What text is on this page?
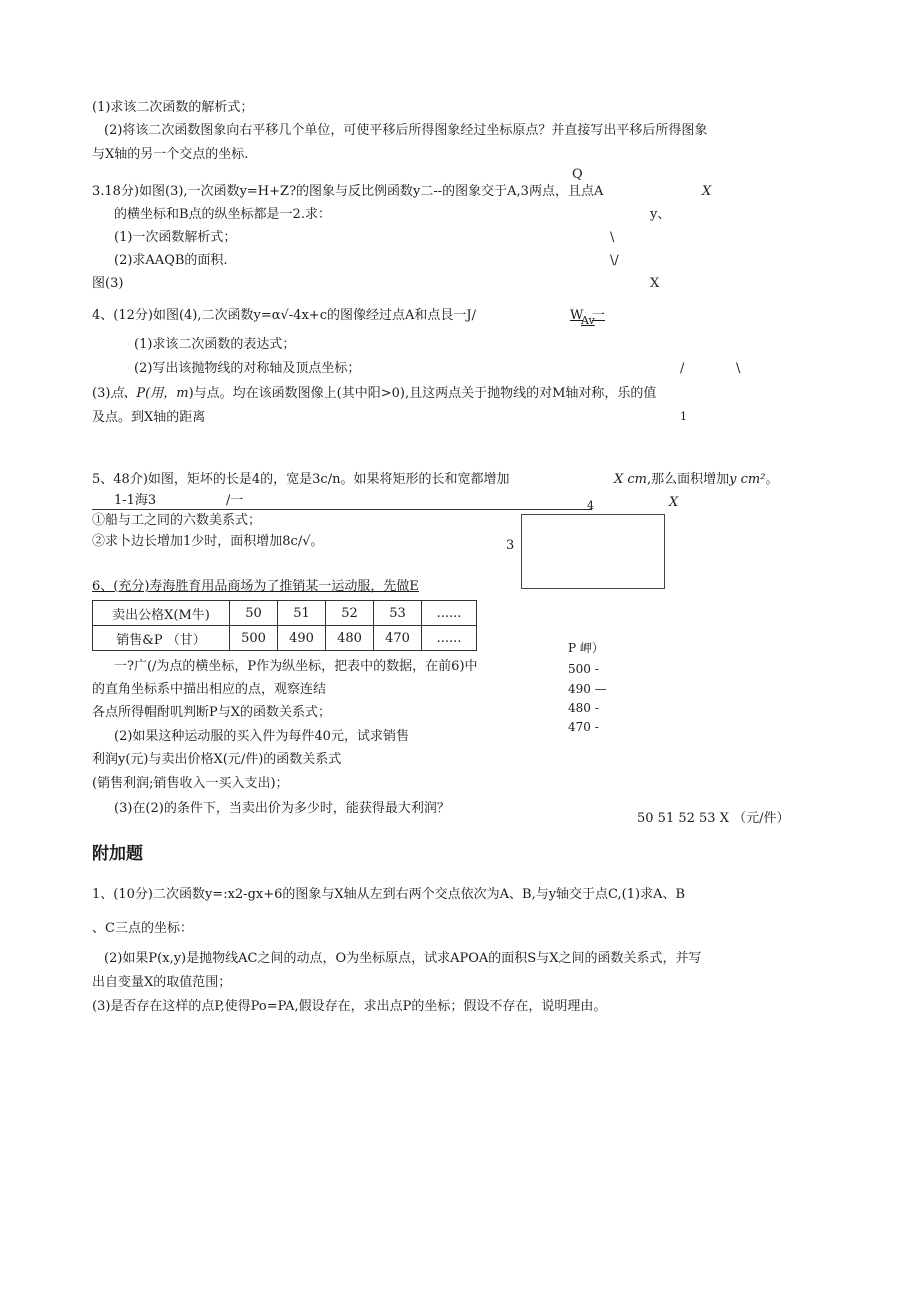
(1)求该二次函数的解析式；
(2)将该二次函数图象向右平移几个单位，可使平移后所得图象经过坐标原点？并直接写出平移后所得图象
与X轴的另一个交点的坐标.
Q
3.18分)如图(3),一次函数y=H+Z?的图象与反比例函数y二--的图象交于A,3两点，且点A	X
的横坐标和B点的纵坐标都是一2.求：	y、
(1)一次函数解析式；	\
(2)求AAQB的面积.	\/
图(3)	X
4、(12分)如图(4),二次函数y=α√-4x+c的图像经过点A和点艮一J/	W
Av
一
(1)求该二次函数的表达式；
(2)写出该抛物线的对称轴及顶点坐标；	/	\
(3)点、P(用，m)与点。均在该函数图像上(其中阳>0),且这两点关于抛物线的对M轴对称，乐的值
及点。到X轴的距离	1
5、48介)如图，矩坏的长是4的，宽是3c/n。如果将矩形的长和宽都增加	X cm,那么面积增加y cm²。
1-1海3	/一	4	X
①船与工之同的六数美系式；
②求卜边长增加1少时，面积增加8c/√。	3
6、(充分)寿海胜育用品商场为了推销某一运动服，先做E
卖出公格X(M牛)	50	51	52	53	......
销售&P （甘）	500	490	480	470	......
P 岬）
500 -
490 —
480 -
470 -
一?广(/为点的横坐标，P作为纵坐标，把表中的数据，在前6)中
的直角坐标系中描出相应的点，观察连结
各点所得帽酎叽判断P与X的函数关系式；
(2)如果这种运动服的买入件为每件40元，试求销售
利润y(元)与卖出价格X(元/件)的函数关系式
(销售利润;销售收入一买入支出)；
(3)在(2)的条件下，当卖出价为多少时，能获得最大利润？
50 51 52 53 X （元/件）
附加题
1、(10分)二次函数y=:x2-gx+6的图象与X轴从左到右两个交点依次为A、B,与y轴交于点C,(1)求A、B
、C三点的坐标：
(2)如果P(x,y)是抛物线AC之间的动点，O为坐标原点，试求APOA的面积S与X之间的函数关系式，并写
出自变量X的取值范围；
(3)是否存在这样的点P,使得Po=PA,假设存在，求出点P的坐标；假设不存在，说明理由。
